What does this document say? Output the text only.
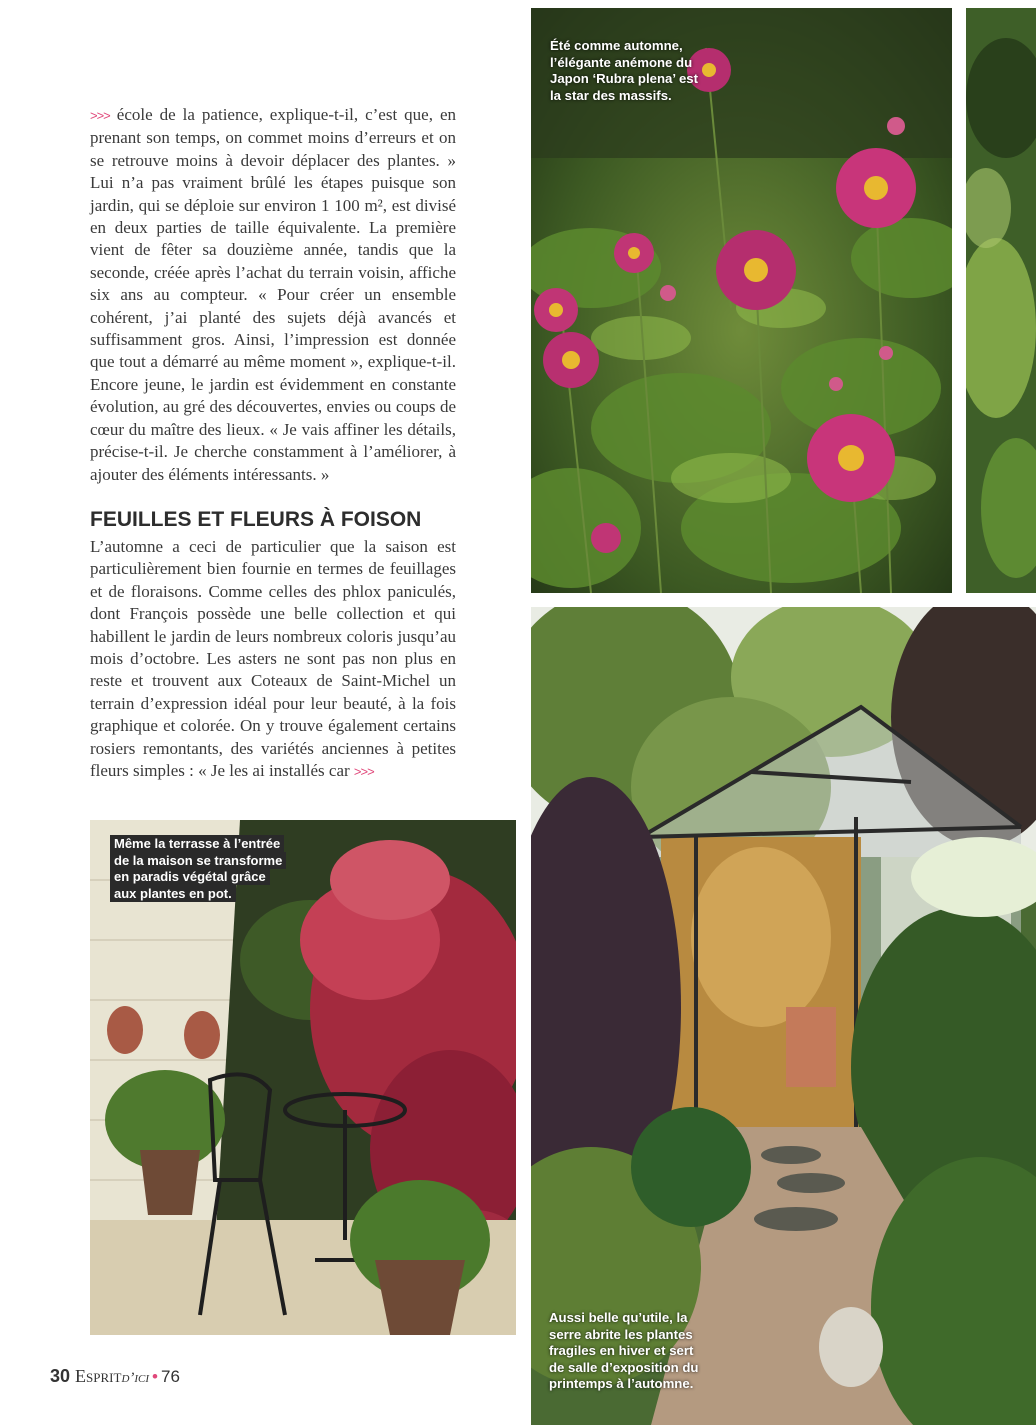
>>> école de la patience, explique-t-il, c’est que, en prenant son temps, on commet moins d’erreurs et on se retrouve moins à devoir déplacer des plantes. » Lui n’a pas vraiment brûlé les étapes puisque son jardin, qui se déploie sur environ 1 100 m², est divisé en deux parties de taille équivalente. La première vient de fêter sa douzième année, tandis que la seconde, créée après l’achat du terrain voisin, affiche six ans au compteur. « Pour créer un ensemble cohérent, j’ai planté des sujets déjà avancés et suffisamment gros. Ainsi, l’impression est donnée que tout a démarré au même moment », explique-t-il. Encore jeune, le jardin est évidemment en constante évolution, au gré des découvertes, envies ou coups de cœur du maître des lieux. « Je vais affiner les détails, précise-t-il. Je cherche constamment à l’améliorer, à ajouter des éléments intéressants. »

FEUILLES ET FLEURS À FOISON

L’automne a ceci de particulier que la saison est particulièrement bien fournie en termes de feuillages et de floraisons. Comme celles des phlox paniculés, dont François possède une belle collection et qui habillent le jardin de leurs nombreux coloris jusqu’au mois d’octobre. Les asters ne sont pas non plus en reste et trouvent aux Coteaux de Saint-Michel un terrain d’expression idéal pour leur beauté, à la fois graphique et colorée. On y trouve également certains rosiers remontants, des variétés anciennes à petites fleurs simples : « Je les ai installés car >>>

Été comme automne, l’élégante anémone du Japon ‘Rubra plena’ est la star des massifs.
Même la terrasse à l’entrée de la maison se transforme en paradis végétal grâce aux plantes en pot.
Aussi belle qu’utile, la serre abrite les plantes fragiles en hiver et sert de salle d’exposition du printemps à l’automne.
30 Espritd’ici • 76
